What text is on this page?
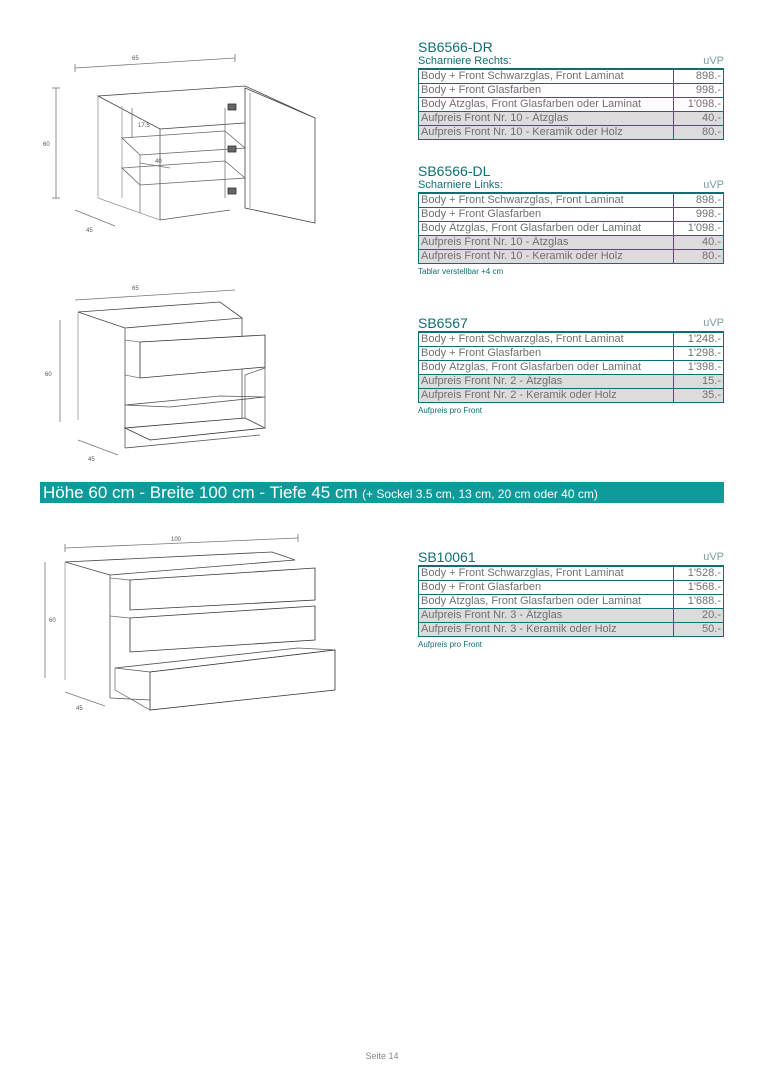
65
60
45
17.5
40
65
60
45
SB6566-DR
Scharniere Rechts:	uVP
Body + Front Schwarzglas, Front Laminat	898.-
Body + Front Glasfarben	998.-
Body Ätzglas, Front Glasfarben oder Laminat	1'098.-
Aufpreis Front Nr. 10 - Ätzglas	40.-
Aufpreis Front Nr. 10 - Keramik oder Holz	80.-
SB6566-DL
Scharniere Links:	uVP
Body + Front Schwarzglas, Front Laminat	898.-
Body + Front Glasfarben	998.-
Body Ätzglas, Front Glasfarben oder Laminat	1'098.-
Aufpreis Front Nr. 10 - Ätzglas	40.-
Aufpreis Front Nr. 10 - Keramik oder Holz	80.-
Tablar verstellbar +4 cm
SB6567	uVP
Body + Front Schwarzglas, Front Laminat	1'248.-
Body + Front Glasfarben	1'298.-
Body Ätzglas, Front Glasfarben oder Laminat	1'398.-
Aufpreis Front Nr. 2 - Ätzglas	15.-
Aufpreis Front Nr. 2 - Keramik oder Holz	35.-
Aufpreis pro Front
Höhe 60 cm - Breite 100 cm - Tiefe 45 cm (+ Sockel 3.5 cm, 13 cm, 20 cm oder 40 cm)
100
60
45
SB10061	uVP
Body + Front Schwarzglas, Front Laminat	1'528.-
Body + Front Glasfarben	1'568.-
Body Ätzglas, Front Glasfarben oder Laminat	1'688.-
Aufpreis Front Nr. 3 - Ätzglas	20.-
Aufpreis Front Nr. 3 - Keramik oder Holz	50.-
Aufpreis pro Front
Seite 14
